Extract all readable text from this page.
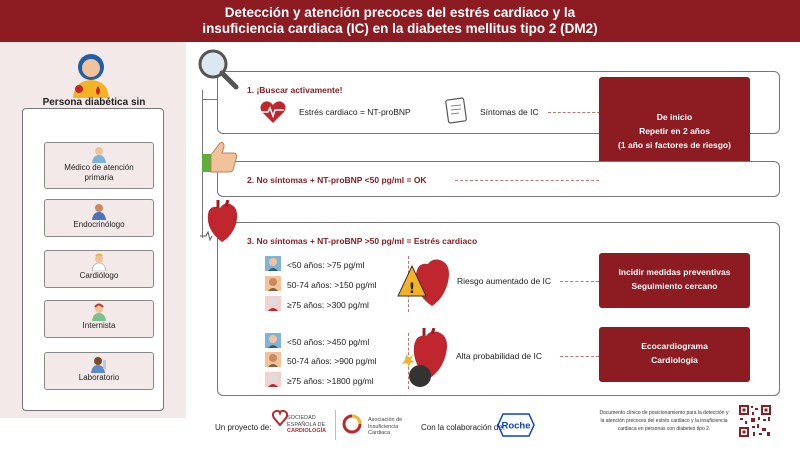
Detección y atención precoces del estrés cardiaco y la
insuficiencia cardiaca (IC) en la diabetes mellitus tipo 2 (DM2)
Persona diabética sin
Médico de atención primaria
Endocrinólogo
Cardiólogo
Internista
Laboratorio
1. ¡Buscar activamente!
Estrés cardiaco = NT-proBNP	Síntomas de IC	De inicio
Repetir en 2 años
(1 año si factores de riesgo)
2. No síntomas + NT-proBNP <50 pg/ml = OK
3. No síntomas + NT-proBNP >50 pg/ml = Estrés cardiaco
<50 años: >75 pg/ml
50-74 años: >150 pg/ml
≥75 años: >300 pg/ml
!	Riesgo aumentado de IC
Incidir medidas preventivas
Seguimiento cercano
<50 años: >450 pg/ml
50-74 años: >900 pg/ml
≥75 años: >1800 pg/ml
Alta probabilidad de IC
Ecocardiograma
Cardiología
Un proyecto de:
SOCIEDAD
ESPAÑOLA DE
CARDIOLOGÍA
Asociación de
Insuficiencia
Cardiaca
Con la colaboración de:
Roche
Documento clínico de posicionamiento para la detección y la atención precoces del estrés cardiaco y la insuficiencia cardiaca en personas con diabetes tipo 2.
